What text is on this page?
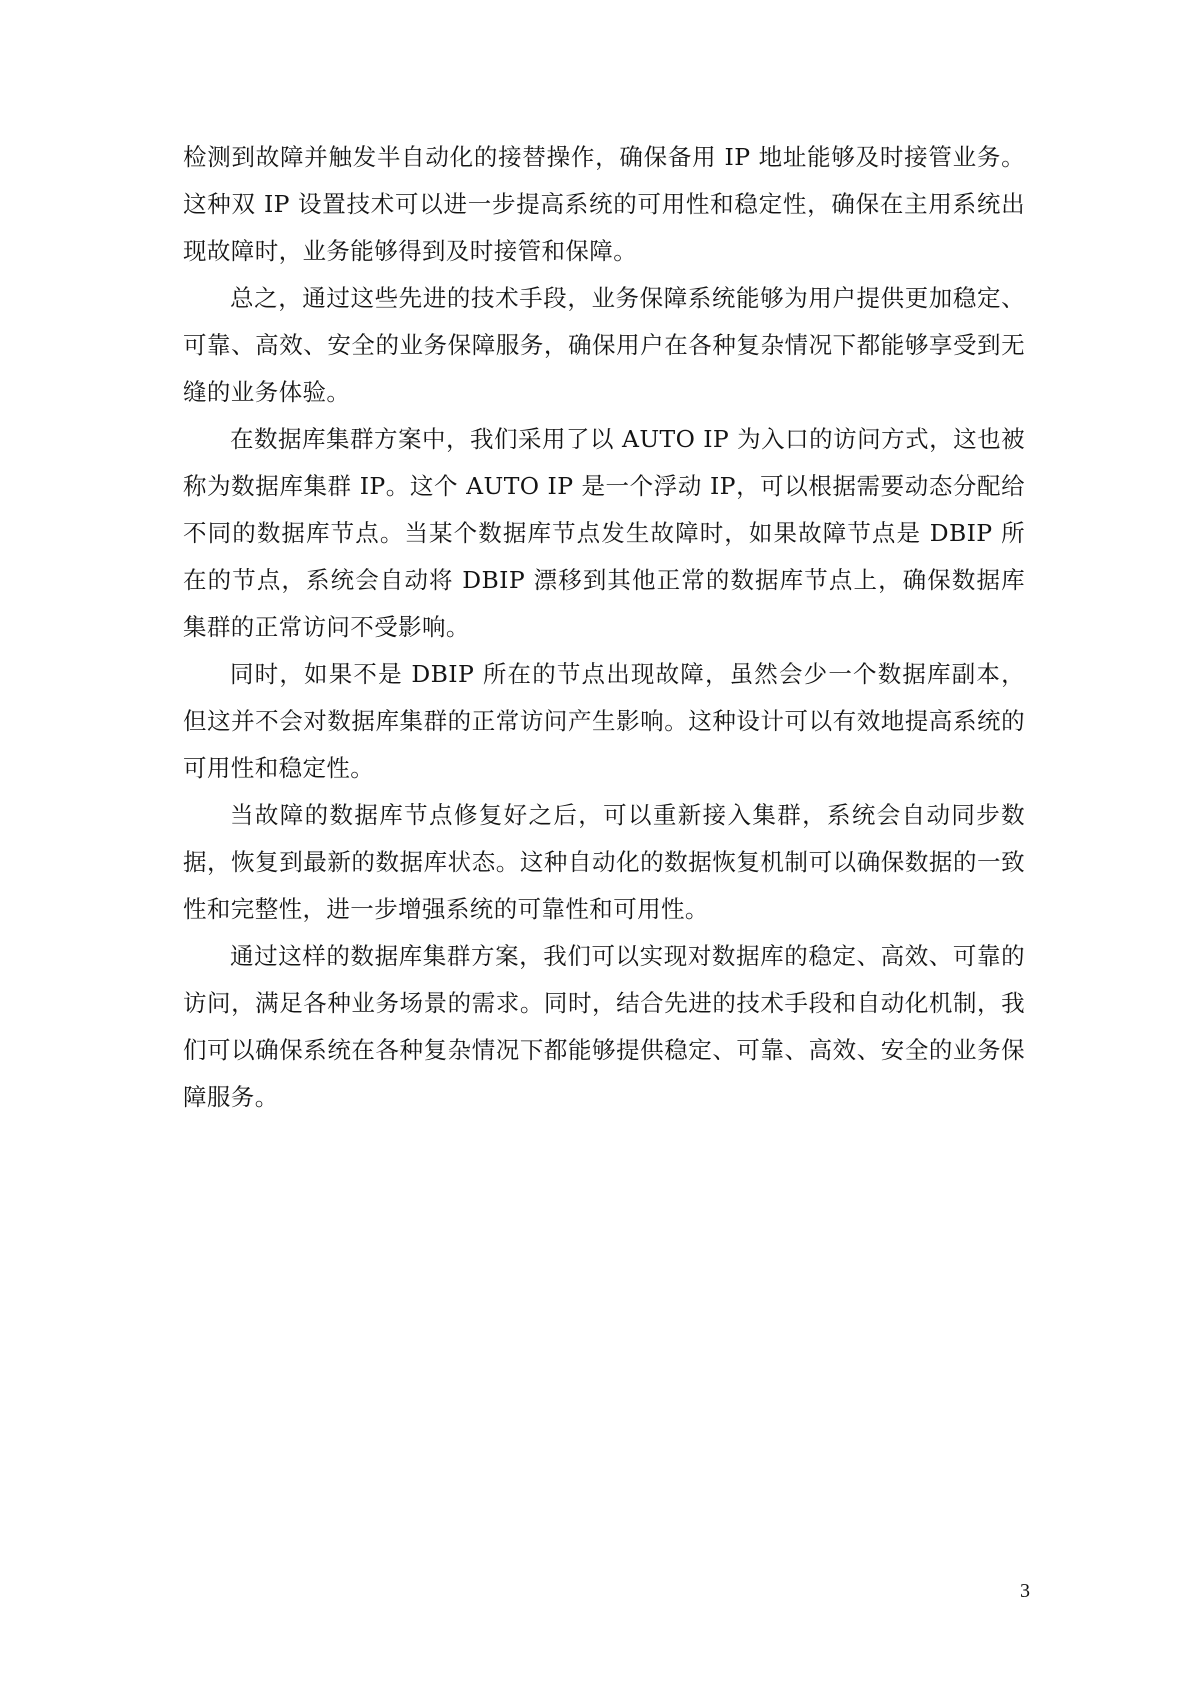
检测到故障并触发半自动化的接替操作，确保备用 IP 地址能够及时接管业务。这种双 IP 设置技术可以进一步提高系统的可用性和稳定性，确保在主用系统出现故障时，业务能够得到及时接管和保障。

总之，通过这些先进的技术手段，业务保障系统能够为用户提供更加稳定、可靠、高效、安全的业务保障服务，确保用户在各种复杂情况下都能够享受到无缝的业务体验。

在数据库集群方案中，我们采用了以 AUTO IP 为入口的访问方式，这也被称为数据库集群 IP。这个 AUTO IP 是一个浮动 IP，可以根据需要动态分配给不同的数据库节点。当某个数据库节点发生故障时，如果故障节点是 DBIP 所在的节点，系统会自动将 DBIP 漂移到其他正常的数据库节点上，确保数据库集群的正常访问不受影响。

同时，如果不是 DBIP 所在的节点出现故障，虽然会少一个数据库副本，但这并不会对数据库集群的正常访问产生影响。这种设计可以有效地提高系统的可用性和稳定性。

当故障的数据库节点修复好之后，可以重新接入集群，系统会自动同步数据，恢复到最新的数据库状态。这种自动化的数据恢复机制可以确保数据的一致性和完整性，进一步增强系统的可靠性和可用性。

通过这样的数据库集群方案，我们可以实现对数据库的稳定、高效、可靠的访问，满足各种业务场景的需求。同时，结合先进的技术手段和自动化机制，我们可以确保系统在各种复杂情况下都能够提供稳定、可靠、高效、安全的业务保障服务。

3
